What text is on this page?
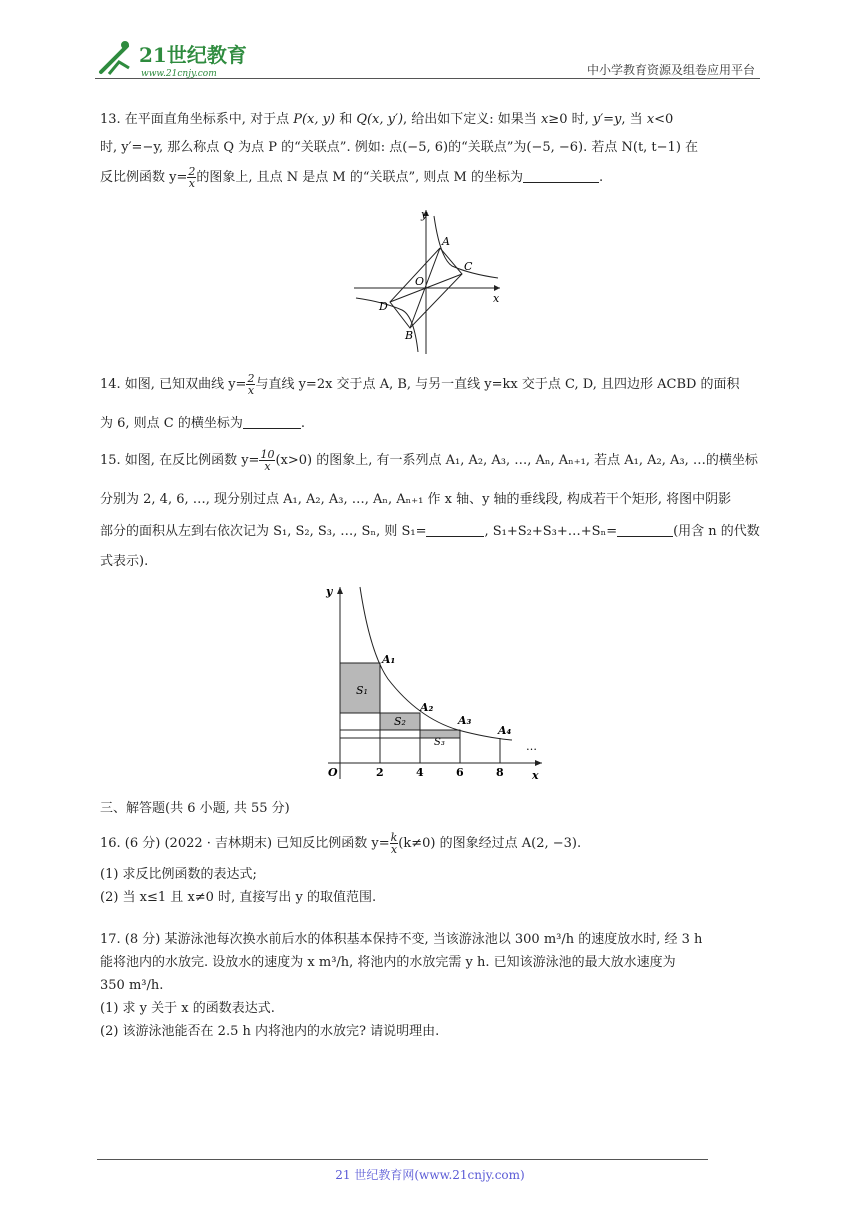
21世纪教育
www.21cnjy.com	中小学教育资源及组卷应用平台
13. 在平面直角坐标系中, 对于点 P(x, y) 和 Q(x, y′), 给出如下定义: 如果当 x≥0 时, y′=y, 当 x<0
时, y′=−y, 那么称点 Q 为点 P 的“关联点”. 例如: 点(−5, 6)的“关联点”为(−5, −6). 若点 N(t, t−1) 在
反比例函数 $y= \frac{2}{x}$ 的图象上, 且点 N 是点 M 的“关联点”, 则点 M 的坐标为	.
y
x
O
A
C
D
B
14. 如图, 已知双曲线 $y= \frac{2}{x}$ 与直线 y=2x 交于点 A, B, 与另一直线 y=kx 交于点 C, D, 且四边形 ACBD 的面积
为 6, 则点 C 的横坐标为	.
15. 如图, 在反比例函数 $y= \frac{10}{x} (x>0)$ 的图象上, 有一系列点 A₁, A₂, A₃, …, Aₙ, Aₙ₊₁, 若点 A₁, A₂, A₃, …的横坐标
分别为 2, 4, 6, …, 现分别过点 A₁, A₂, A₃, …, Aₙ, Aₙ₊₁ 作 x 轴、y 轴的垂线段, 构成若干个矩形, 将图中阴影
部分的面积从左到右依次记为 S₁, S₂, S₃, …, Sₙ, 则 S₁=	, S₁+S₂+S₃+…+Sₙ=	(用含 n 的代数
式表示).
y
x
O	2	4	6	8
A₁
A₂
A₃
A₄
S₁
S₂
S₃	…
三、解答题(共 6 小题, 共 55 分)
16. (6 分) (2022 · 吉林期末) 已知反比例函数 $y= \frac{k}{x} (k\ne 0)$ 的图象经过点 A(2, −3).
(1) 求反比例函数的表达式;
(2) 当 x≤1 且 x≠0 时, 直接写出 y 的取值范围.
17. (8 分) 某游泳池每次换水前后水的体积基本保持不变, 当该游泳池以 300 m³/h 的速度放水时, 经 3 h
能将池内的水放完. 设放水的速度为 x m³/h, 将池内的水放完需 y h. 已知该游泳池的最大放水速度为
350 m³/h.
(1) 求 y 关于 x 的函数表达式.
(2) 该游泳池能否在 2.5 h 内将池内的水放完? 请说明理由.
21 世纪教育网(www.21cnjy.com)
